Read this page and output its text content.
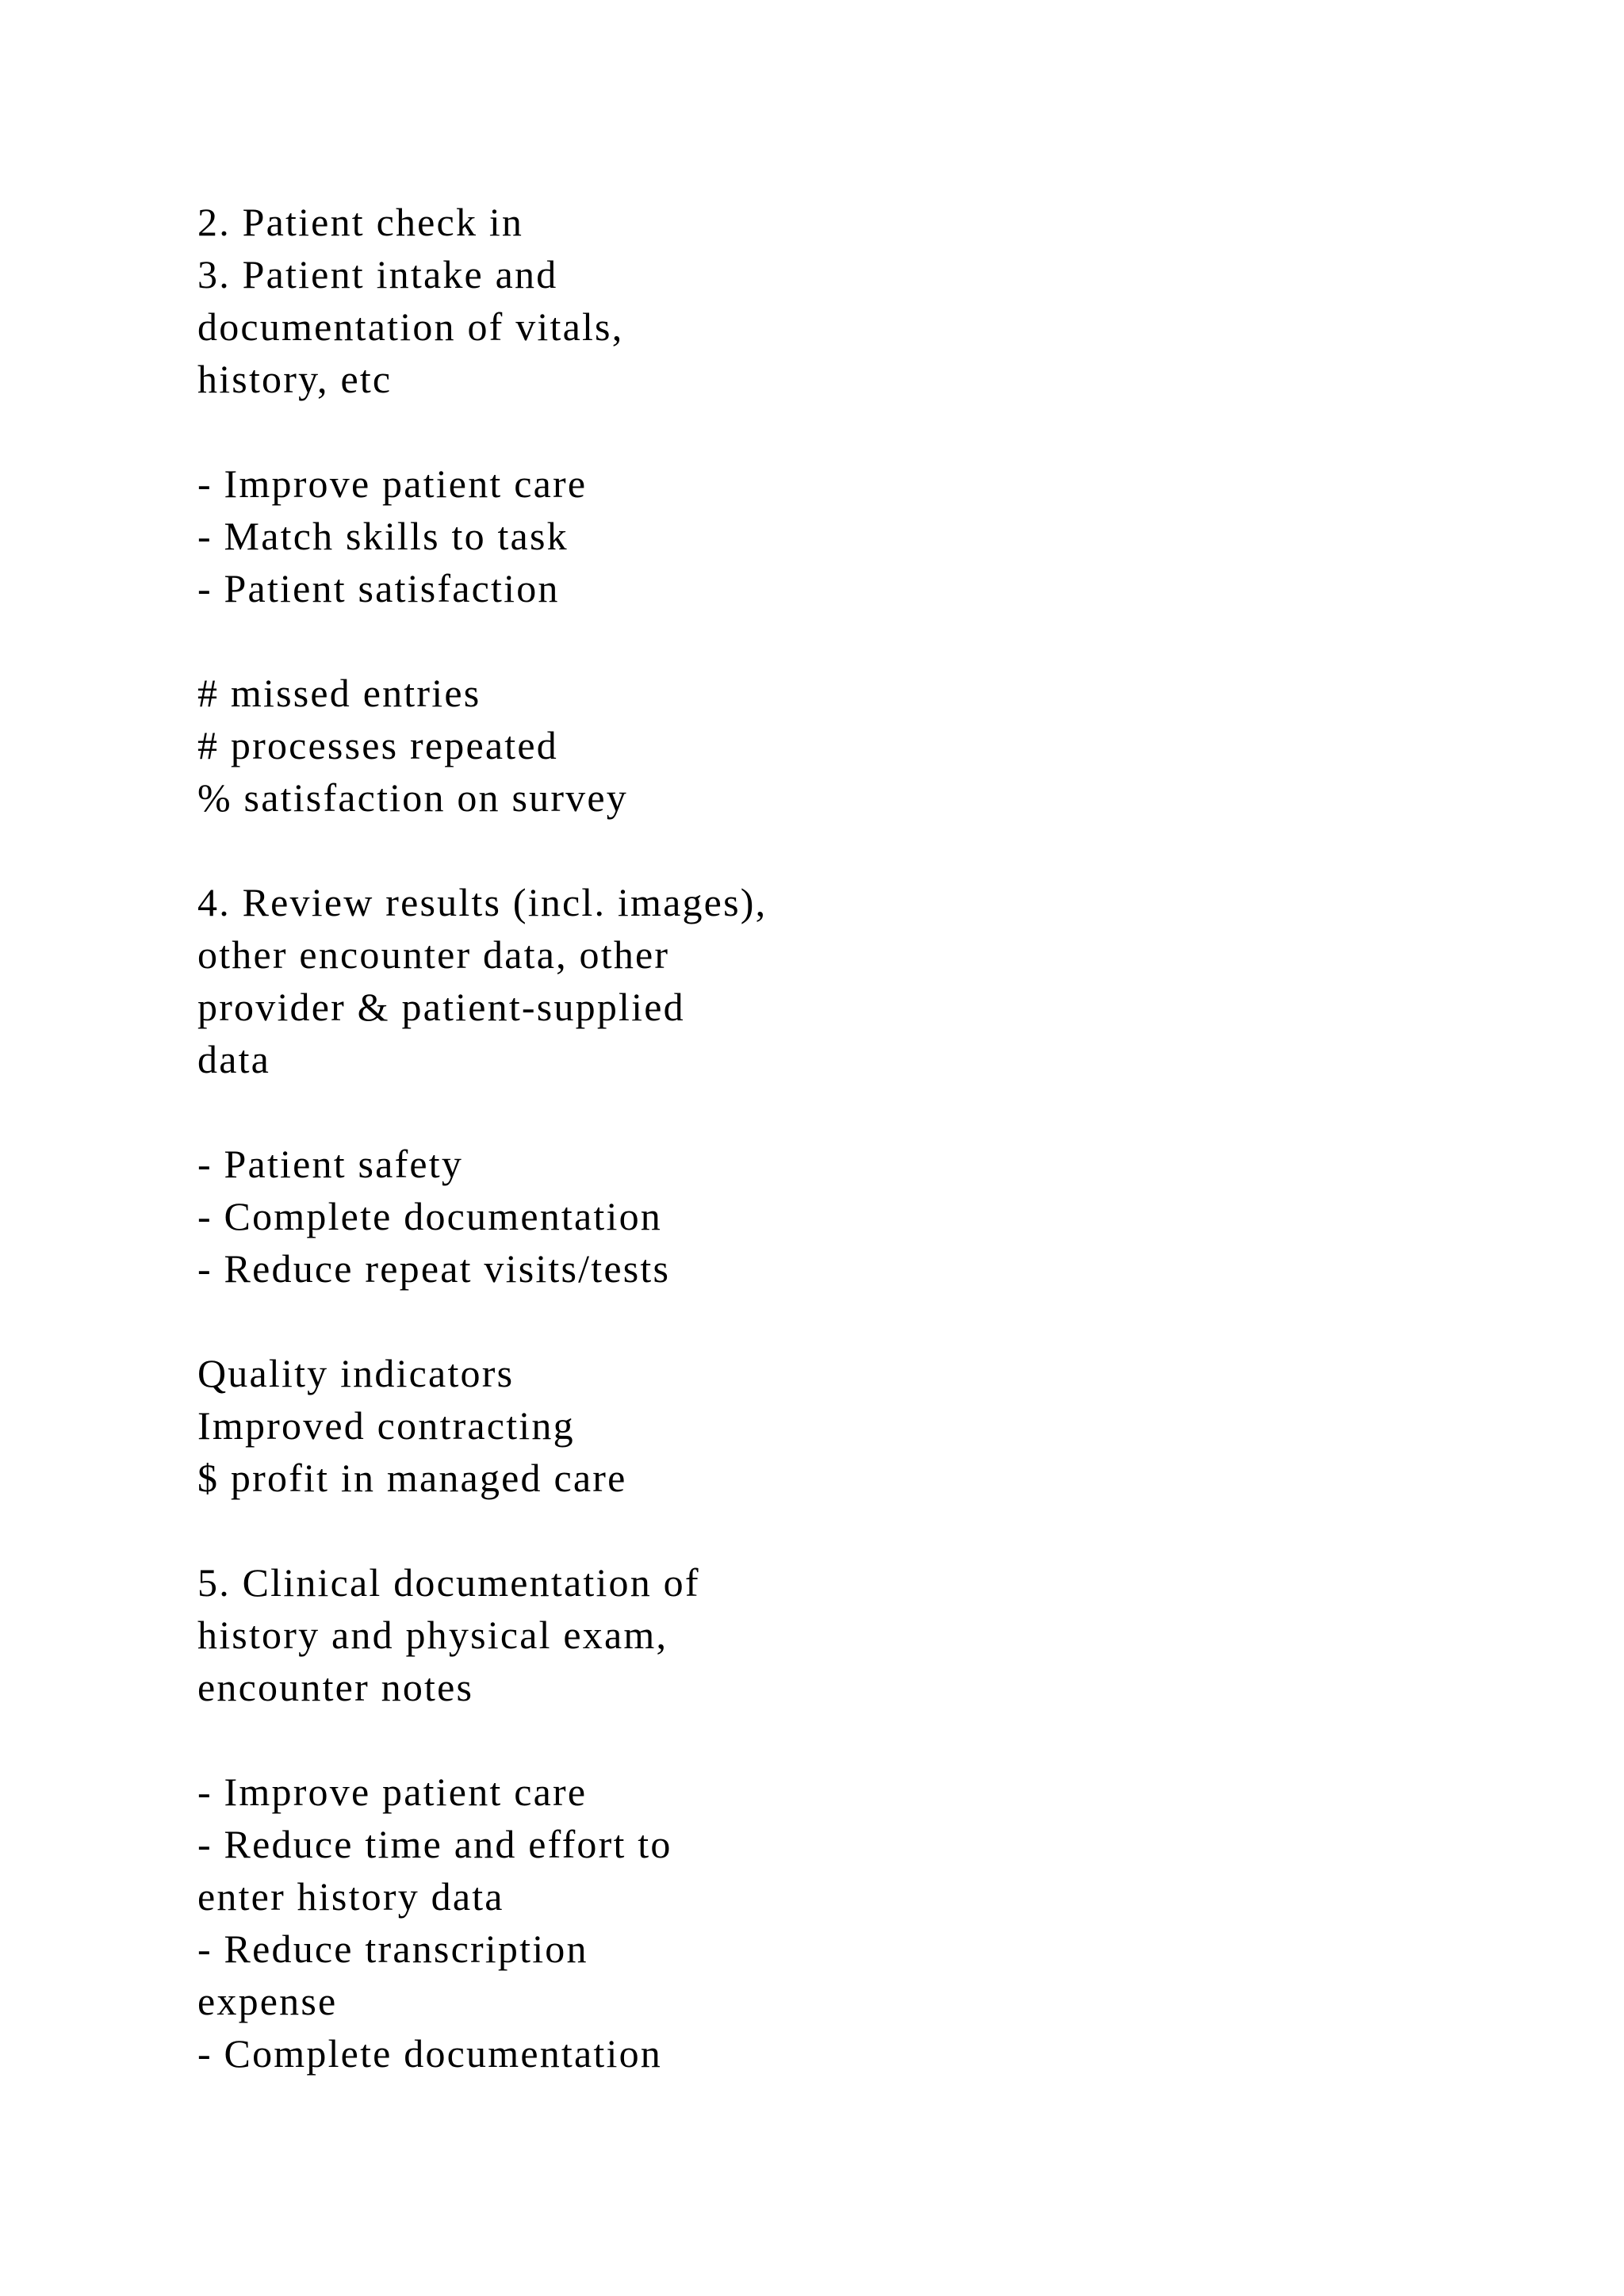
2. Patient check in
3. Patient intake and
documentation of vitals,
history, etc
- Improve patient care
- Match skills to task
- Patient satisfaction
# missed entries
# processes repeated
% satisfaction on survey
4. Review results (incl. images),
other encounter data, other
provider & patient-supplied
data
- Patient safety
- Complete documentation
- Reduce repeat visits/tests
Quality indicators
Improved contracting
$ profit in managed care
5. Clinical documentation of
history and physical exam,
encounter notes
- Improve patient care
- Reduce time and effort to
enter history data
- Reduce transcription
expense
- Complete documentation
